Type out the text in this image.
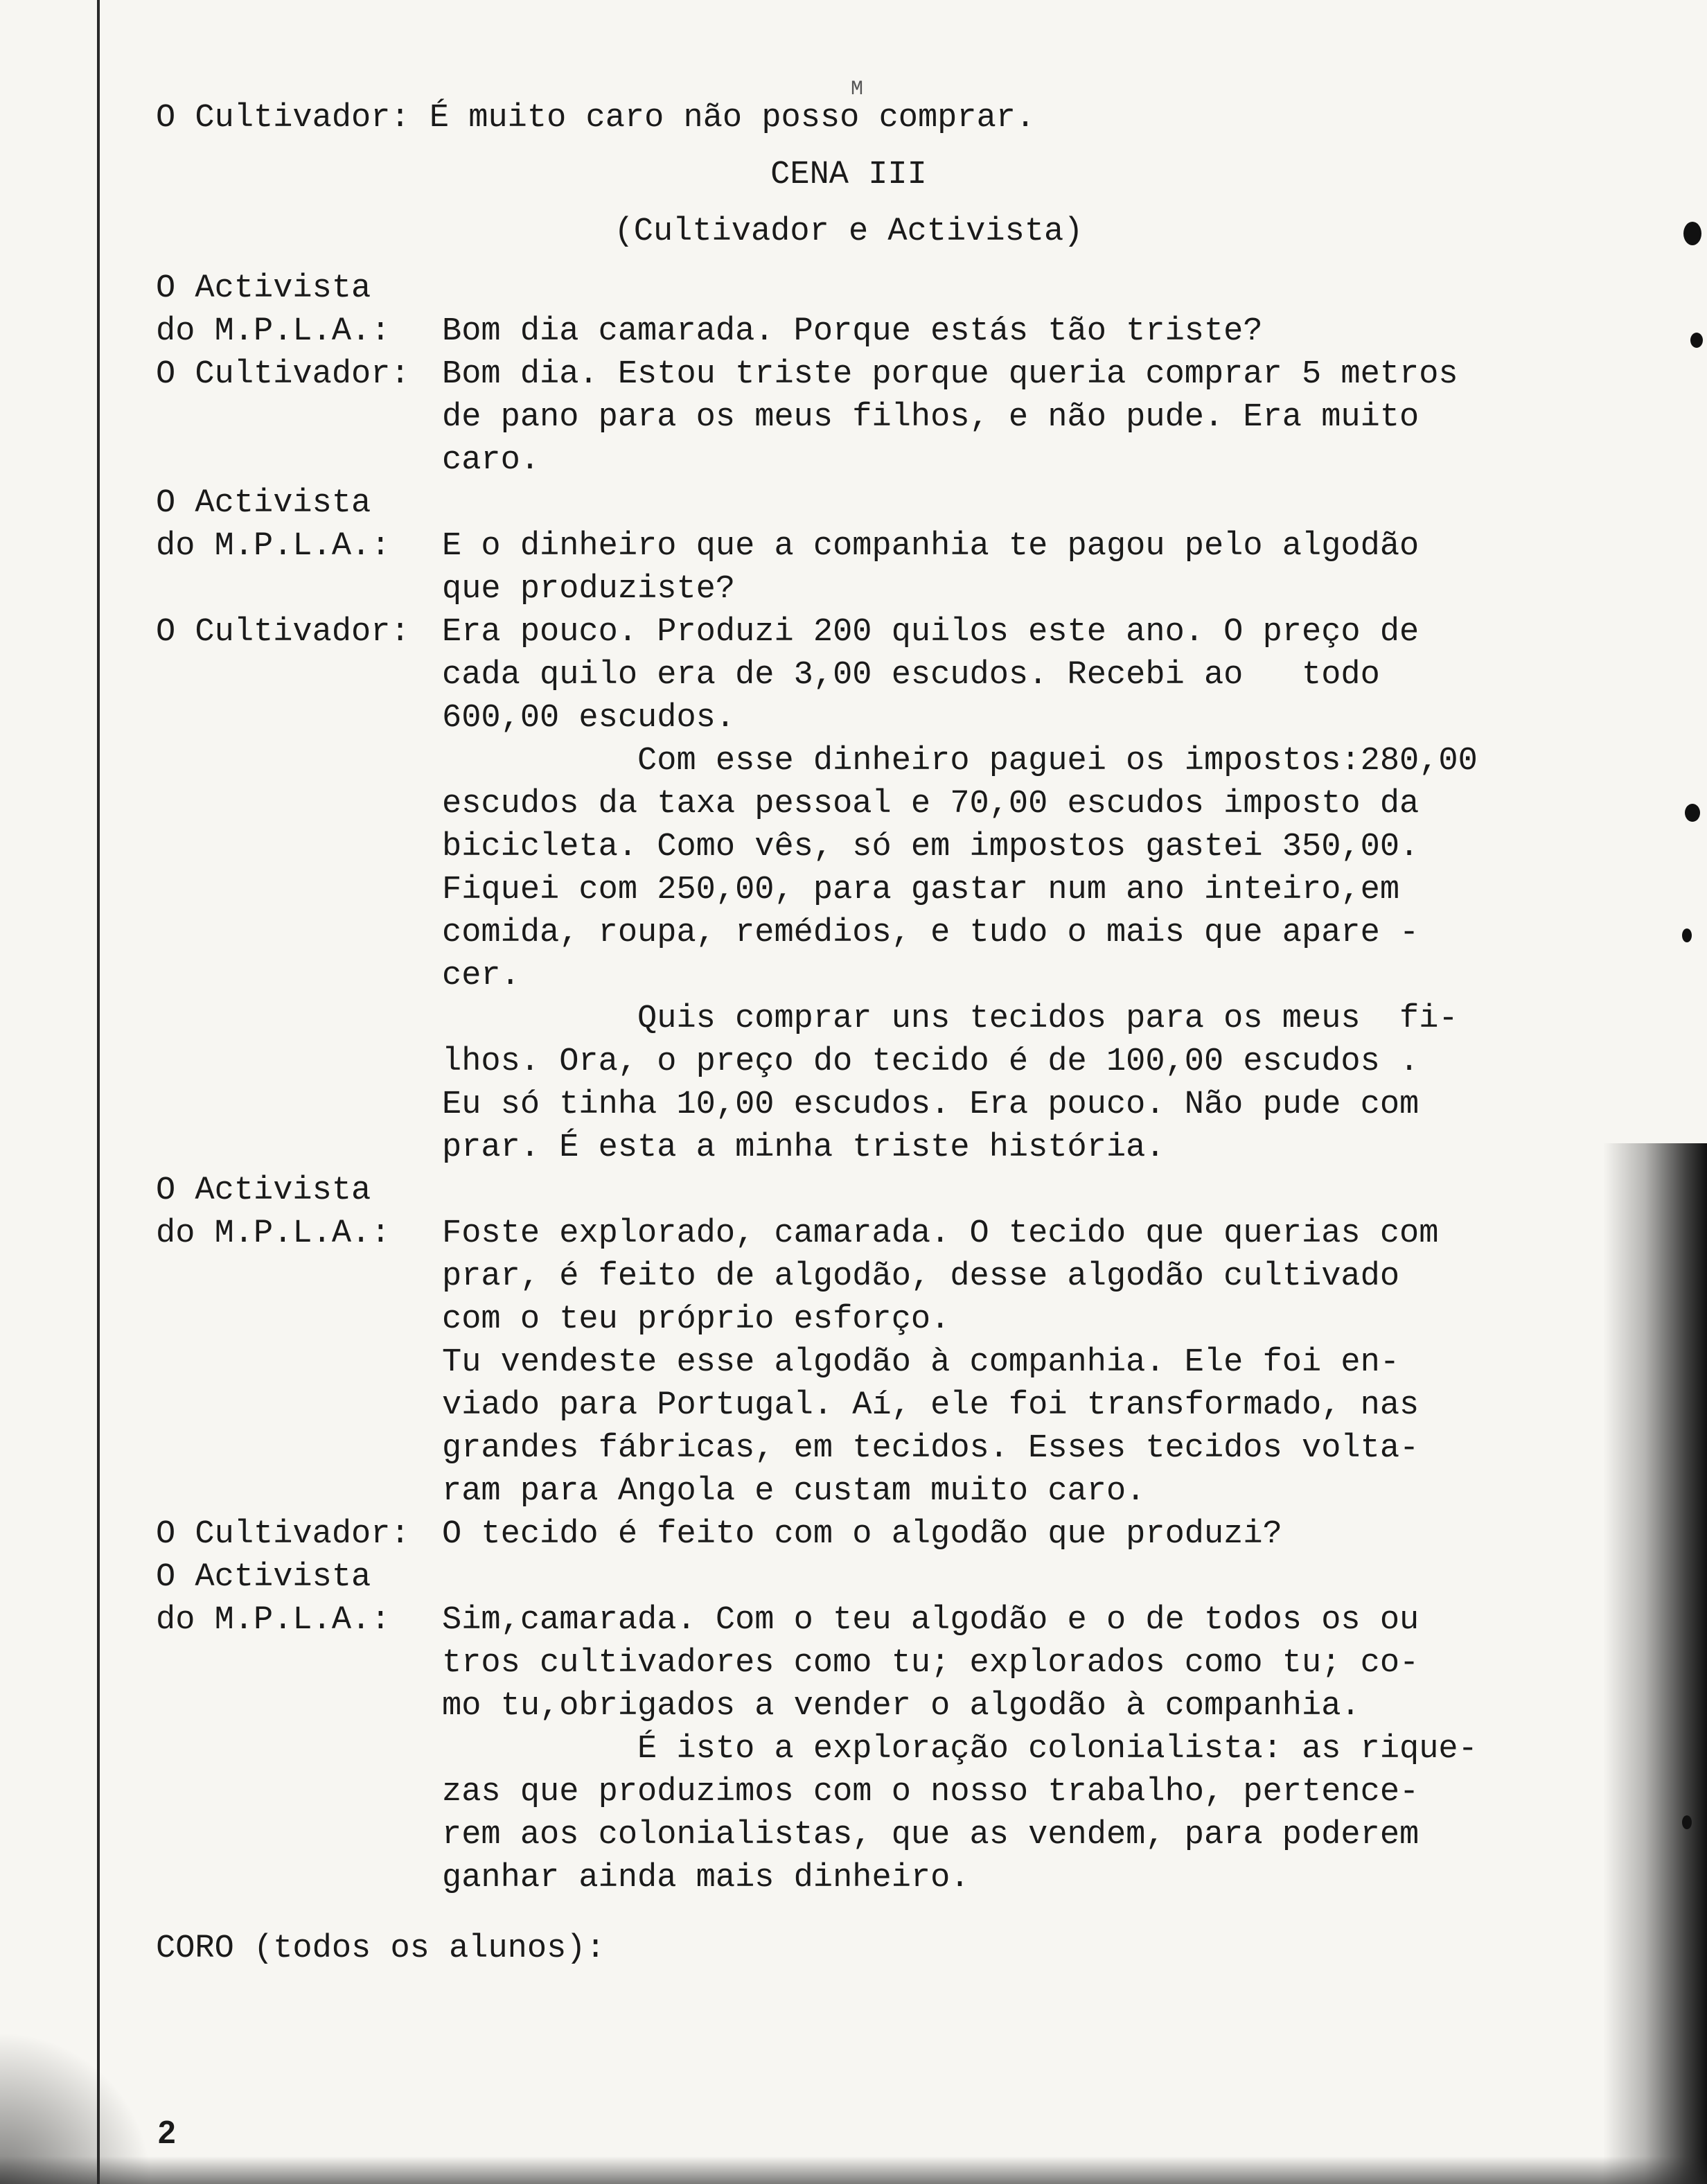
M
O Cultivador: É muito caro não posso comprar.
CENA III
(Cultivador e Activista)
O Activista
do M.P.L.A.:
	Bom dia camarada. Porque estás tão triste?
O Cultivador: Bom dia. Estou triste porque queria comprar 5 metros
de pano para os meus filhos, e não pude. Era muito
caro.
O Activista
do M.P.L.A.:
	E o dinheiro que a companhia te pagou pelo algodão
que produziste?
O Cultivador: Era pouco. Produzi 200 quilos este ano. O preço de
cada quilo era de 3,00 escudos. Recebi ao   todo
600,00 escudos.
Com esse dinheiro paguei os impostos:280,00
escudos da taxa pessoal e 70,00 escudos imposto da
bicicleta. Como vês, só em impostos gastei 350,00.
Fiquei com 250,00, para gastar num ano inteiro,em
comida, roupa, remédios, e tudo o mais que apare -
cer.
Quis comprar uns tecidos para os meus  fi-
lhos. Ora, o preço do tecido é de 100,00 escudos .
Eu só tinha 10,00 escudos. Era pouco. Não pude com
prar. É esta a minha triste história.
O Activista
do M.P.L.A.:
	Foste explorado, camarada. O tecido que querias com
prar, é feito de algodão, desse algodão cultivado
com o teu próprio esforço.
Tu vendeste esse algodão à companhia. Ele foi en-
viado para Portugal. Aí, ele foi transformado, nas
grandes fábricas, em tecidos. Esses tecidos volta-
ram para Angola e custam muito caro.
O Cultivador: O tecido é feito com o algodão que produzi?
O Activista
do M.P.L.A.:
	Sim,camarada. Com o teu algodão e o de todos os ou
tros cultivadores como tu; explorados como tu; co-
mo tu,obrigados a vender o algodão à companhia.
É isto a exploração colonialista: as rique-
zas que produzimos com o nosso trabalho, pertence-
rem aos colonialistas, que as vendem, para poderem
ganhar ainda mais dinheiro.
CORO (todos os alunos):
2
